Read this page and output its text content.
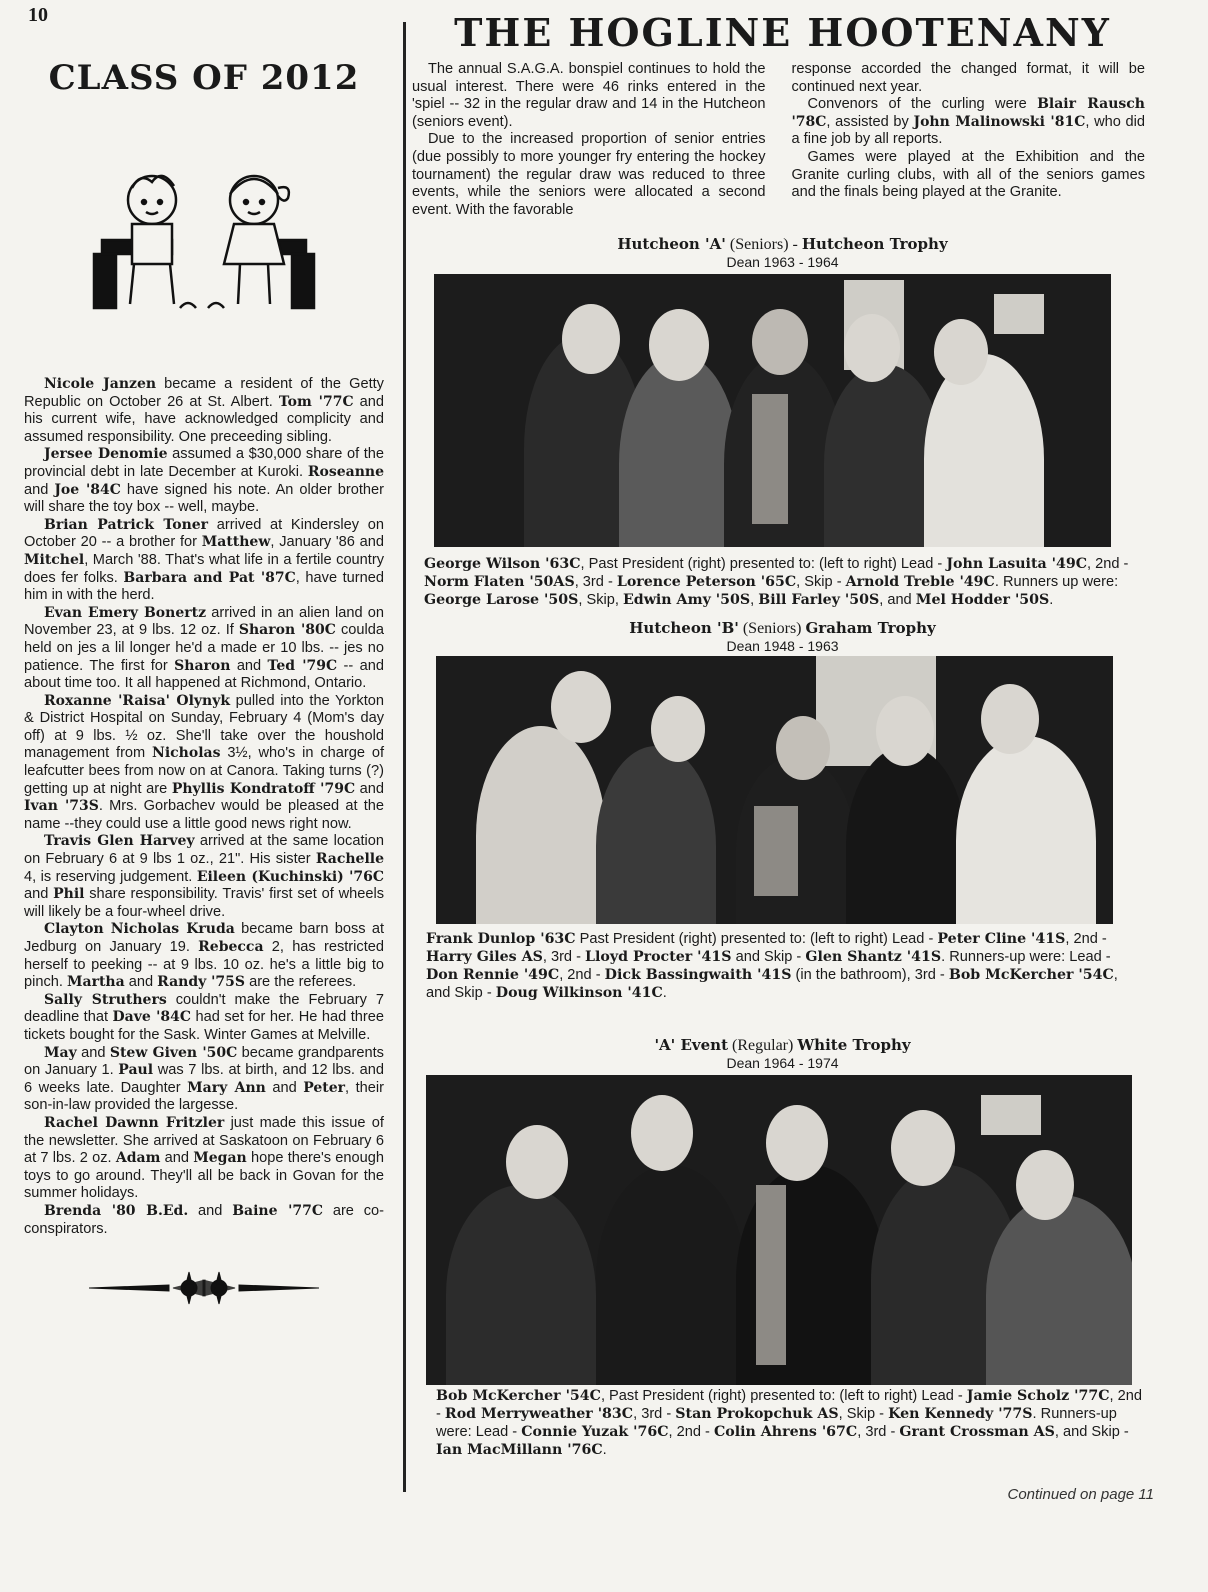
10
CLASS OF 2012

Nicole Janzen became a resident of the Getty Republic on October 26 at St. Albert. Tom '77C and his current wife, have acknowledged complicity and assumed responsibility. One preceeding sibling.

Jersee Denomie assumed a $30,000 share of the provincial debt in late December at Kuroki. Roseanne and Joe '84C have signed his note. An older brother will share the toy box -- well, maybe.

Brian Patrick Toner arrived at Kindersley on October 20 -- a brother for Matthew, January '86 and Mitchel, March '88. That's what life in a fertile country does fer folks. Barbara and Pat '87C, have turned him in with the herd.

Evan Emery Bonertz arrived in an alien land on November 23, at 9 lbs. 12 oz. If Sharon '80C coulda held on jes a lil longer he'd a made er 10 lbs. -- jes no patience. The first for Sharon and Ted '79C -- and about time too. It all happened at Richmond, Ontario.

Roxanne 'Raisa' Olynyk pulled into the Yorkton & District Hospital on Sunday, February 4 (Mom's day off) at 9 lbs. ½ oz. She'll take over the houshold management from Nicholas 3½, who's in charge of leafcutter bees from now on at Canora. Taking turns (?) getting up at night are Phyllis Kondratoff '79C and Ivan '73S. Mrs. Gorbachev would be pleased at the name --they could use a little good news right now.

Travis Glen Harvey arrived at the same location on February 6 at 9 lbs 1 oz., 21". His sister Rachelle 4, is reserving judgement. Eileen (Kuchinski) '76C and Phil share responsibility. Travis' first set of wheels will likely be a four-wheel drive.

Clayton Nicholas Kruda became barn boss at Jedburg on January 19. Rebecca 2, has restricted herself to peeking -- at 9 lbs. 10 oz. he's a little big to pinch. Martha and Randy '75S are the referees.

Sally Struthers couldn't make the February 7 deadline that Dave '84C had set for her. He had three tickets bought for the Sask. Winter Games at Melville.

May and Stew Given '50C became grandparents on January 1. Paul was 7 lbs. at birth, and 12 lbs. and 6 weeks late. Daughter Mary Ann and Peter, their son-in-law provided the largesse.

Rachel Dawnn Fritzler just made this issue of the newsletter. She arrived at Saskatoon on February 6 at 7 lbs. 2 oz. Adam and Megan hope there's enough toys to go around. They'll all be back in Govan for the summer holidays.

Brenda '80 B.Ed. and Baine '77C are co-conspirators.

THE HOGLINE HOOTENANY

The annual S.A.G.A. bonspiel continues to hold the usual interest. There were 46 rinks entered in the 'spiel -- 32 in the regular draw and 14 in the Hutcheon (seniors event).

Due to the increased proportion of senior entries (due possibly to more younger fry entering the hockey tournament) the regular draw was reduced to three events, while the seniors were allocated a second event. With the favorable

response accorded the changed format, it will be continued next year.

Convenors of the curling were Blair Rausch '78C, assisted by John Malinowski '81C, who did a fine job by all reports.

Games were played at the Exhibition and the Granite curling clubs, with all of the seniors games and the finals being played at the Granite.

Hutcheon 'A' (Seniors) - Hutcheon Trophy
Dean 1963 - 1964
George Wilson '63C, Past President (right) presented to: (left to right) Lead - John Lasuita '49C, 2nd - Norm Flaten '50AS, 3rd - Lorence Peterson '65C, Skip - Arnold Treble '49C. Runners up were: George Larose '50S, Skip, Edwin Amy '50S, Bill Farley '50S, and Mel Hodder '50S.
Hutcheon 'B' (Seniors) Graham Trophy
Dean 1948 - 1963
Frank Dunlop '63C Past President (right) presented to: (left to right) Lead - Peter Cline '41S, 2nd - Harry Giles AS, 3rd - Lloyd Procter '41S and Skip - Glen Shantz '41S. Runners-up were: Lead - Don Rennie '49C, 2nd - Dick Bassingwaith '41S (in the bathroom), 3rd - Bob McKercher '54C, and Skip - Doug Wilkinson '41C.
'A' Event (Regular) White Trophy
Dean 1964 - 1974
Bob McKercher '54C, Past President (right) presented to: (left to right) Lead - Jamie Scholz '77C, 2nd - Rod Merryweather '83C, 3rd - Stan Prokopchuk AS, Skip - Ken Kennedy '77S. Runners-up were: Lead - Connie Yuzak '76C, 2nd - Colin Ahrens '67C, 3rd - Grant Crossman AS, and Skip - Ian MacMillann '76C.
Continued on page 11
